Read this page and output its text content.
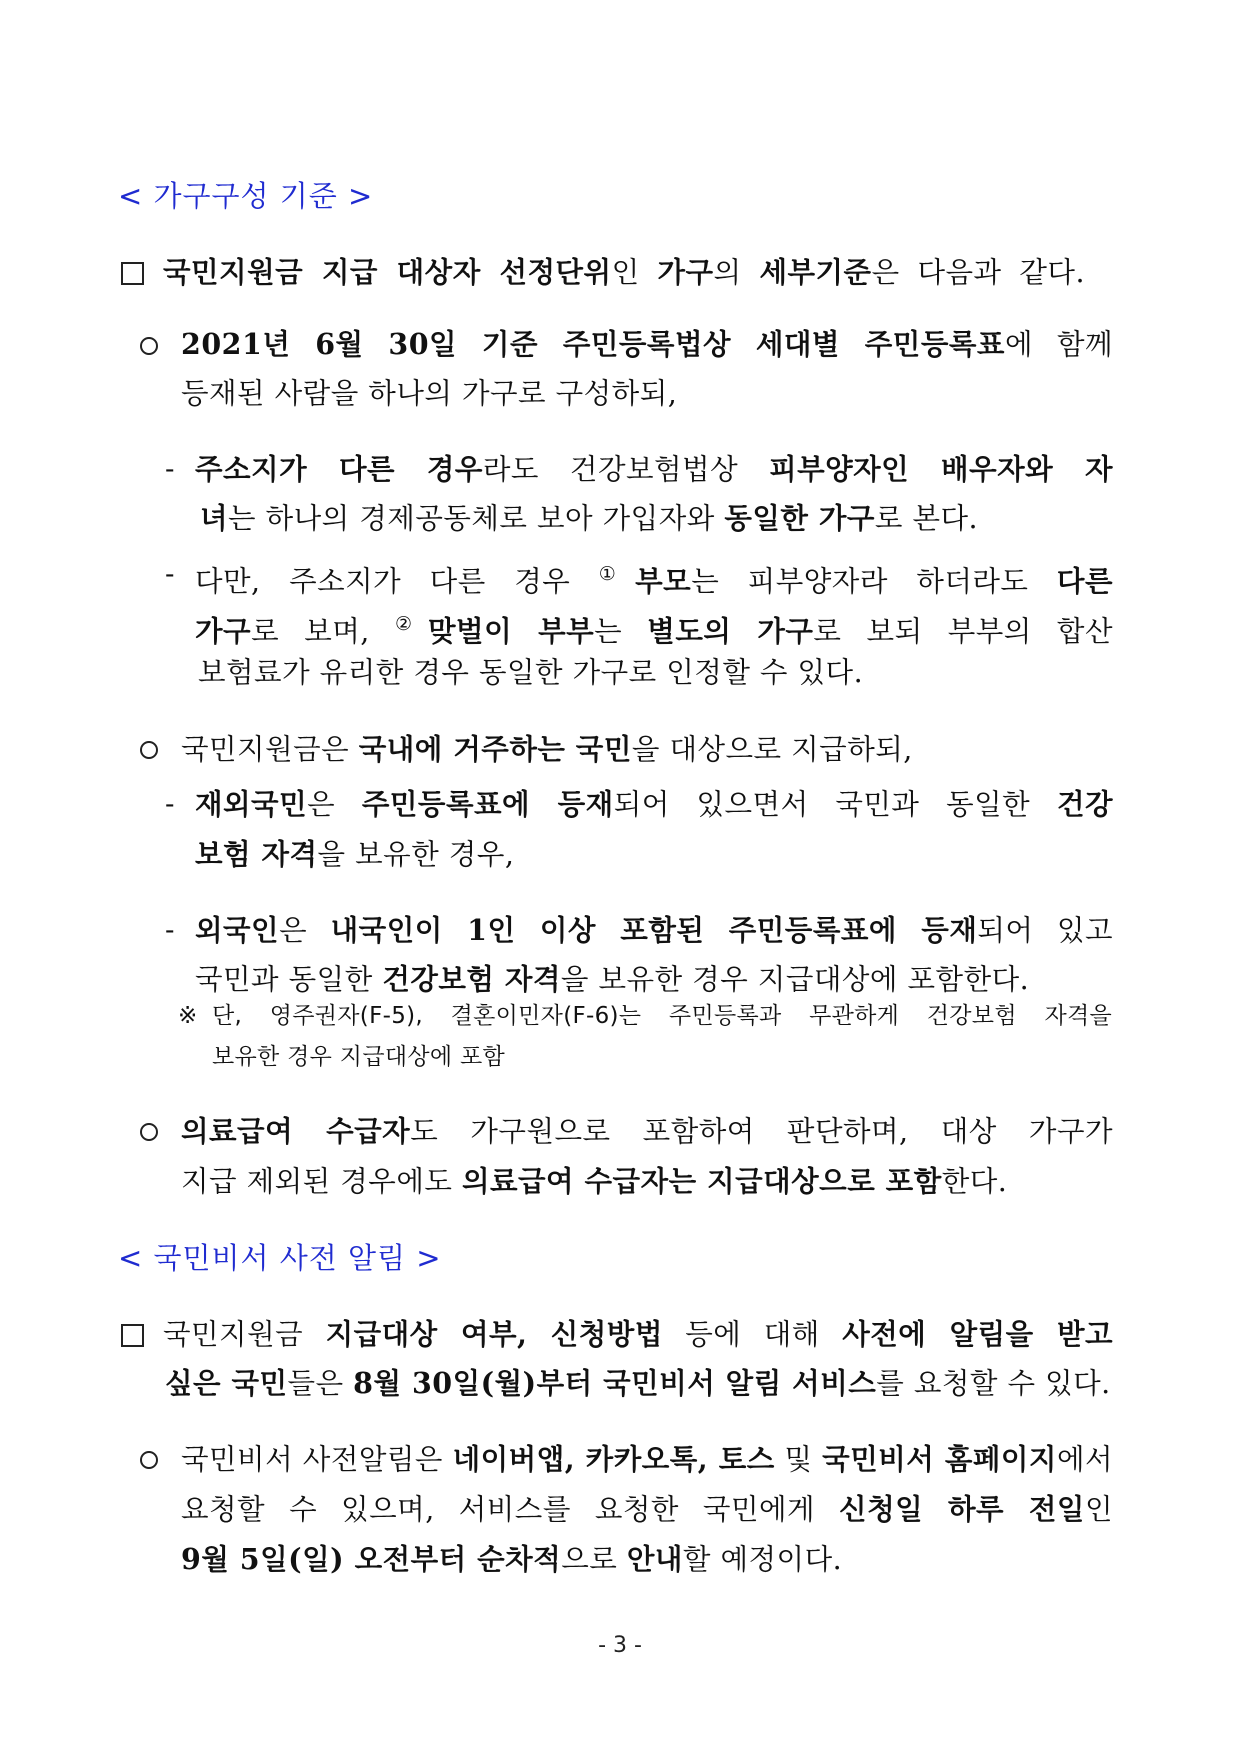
< 가구구성 기준 >
국민지원금 지급 대상자 선정단위인 가구의 세부기준은 다음과 같다.
2021년 6월 30일 기준 주민등록법상 세대별 주민등록표에 함께
등재된 사람을 하나의 가구로 구성하되,
- 주소지가 다른 경우라도 건강보험법상 피부양자인 배우자와 자
녀는 하나의 경제공동체로 보아 가입자와 동일한 가구로 본다.
- 다만, 주소지가 다른 경우 ①부모는 피부양자라 하더라도 다른
가구로 보며, ②맞벌이 부부는 별도의 가구로 보되 부부의 합산
보험료가 유리한 경우 동일한 가구로 인정할 수 있다.
국민지원금은 국내에 거주하는 국민을 대상으로 지급하되,
- 재외국민은 주민등록표에 등재되어 있으면서 국민과 동일한 건강
보험 자격을 보유한 경우,
- 외국인은 내국인이 1인 이상 포함된 주민등록표에 등재되어 있고
국민과 동일한 건강보험 자격을 보유한 경우 지급대상에 포함한다.
※ 단, 영주권자(F-5), 결혼이민자(F-6)는 주민등록과 무관하게 건강보험 자격을
보유한 경우 지급대상에 포함
의료급여 수급자도 가구원으로 포함하여 판단하며, 대상 가구가
지급 제외된 경우에도 의료급여 수급자는 지급대상으로 포함한다.
< 국민비서 사전 알림 >
국민지원금 지급대상 여부, 신청방법 등에 대해 사전에 알림을 받고
싶은 국민들은 8월 30일(월)부터 국민비서 알림 서비스를 요청할 수 있다.
국민비서 사전알림은 네이버앱, 카카오톡, 토스 및 국민비서 홈페이지에서
요청할 수 있으며, 서비스를 요청한 국민에게 신청일 하루 전일인
9월 5일(일) 오전부터 순차적으로 안내할 예정이다.
- 3 -
